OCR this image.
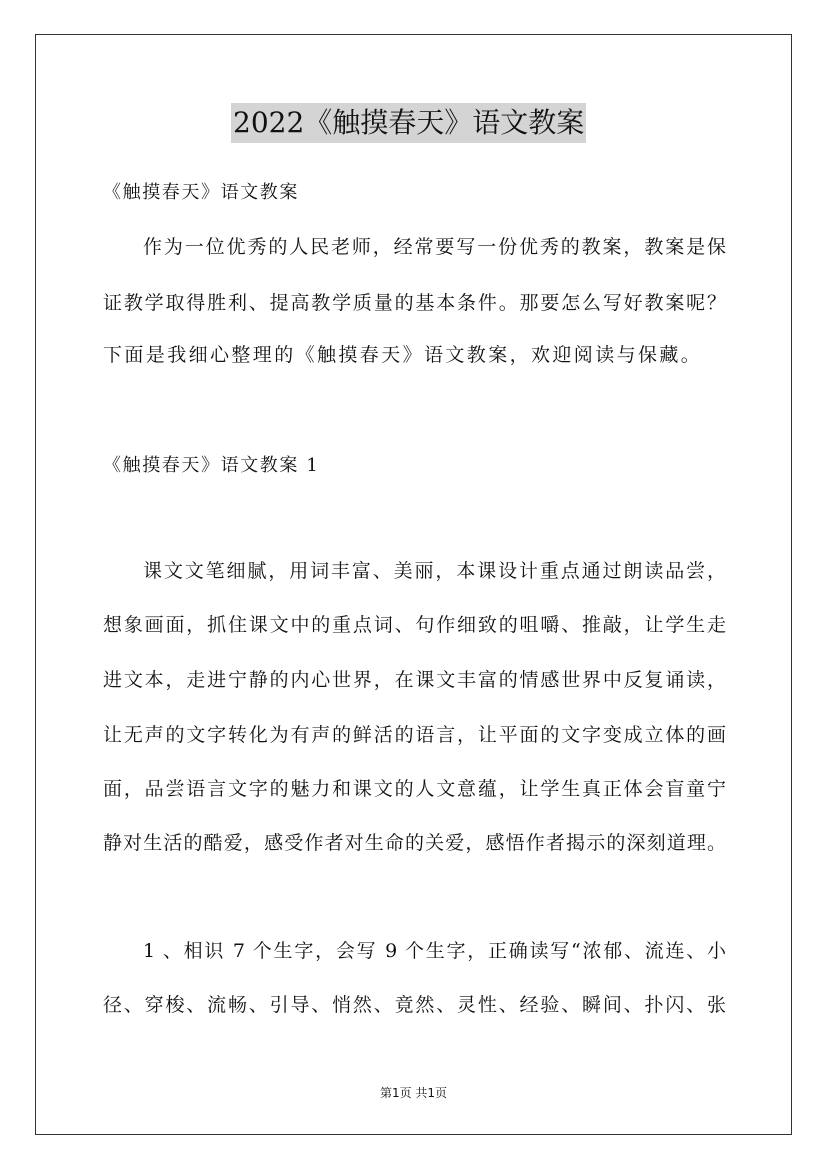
2022《触摸春天》语文教案
《触摸春天》语文教案
作为一位优秀的人民老师，经常要写一份优秀的教案，教案是保
证教学取得胜利、提高教学质量的基本条件。那要怎么写好教案呢？
下面是我细心整理的《触摸春天》语文教案，欢迎阅读与保藏。
《触摸春天》语文教案 1
课文文笔细腻，用词丰富、美丽，本课设计重点通过朗读品尝，
想象画面，抓住课文中的重点词、句作细致的咀嚼、推敲，让学生走
进文本，走进宁静的内心世界，在课文丰富的情感世界中反复诵读，
让无声的文字转化为有声的鲜活的语言，让平面的文字变成立体的画
面，品尝语言文字的魅力和课文的人文意蕴，让学生真正体会盲童宁
静对生活的酷爱，感受作者对生命的关爱，感悟作者揭示的深刻道理。
1 、相识 7 个生字，会写 9 个生字，正确读写“浓郁、流连、小
径、穿梭、流畅、引导、悄然、竟然、灵性、经验、瞬间、扑闪、张
第1页 共1页
